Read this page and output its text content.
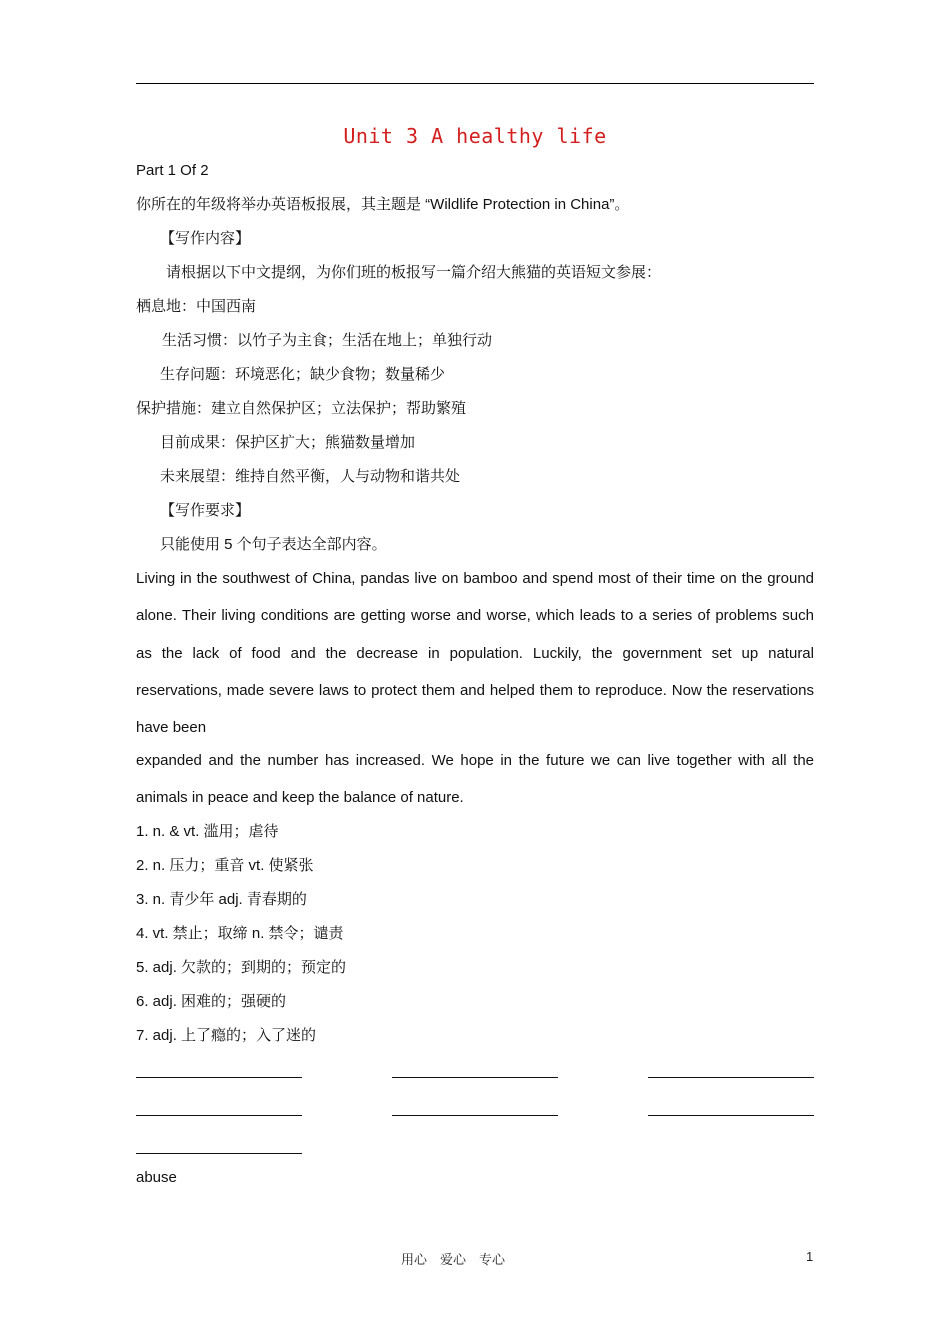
Unit 3 A healthy life
Part 1 Of 2
你所在的年级将举办英语板报展，其主题是 “Wildlife Protection in China”。
【写作内容】
请根据以下中文提纲，为你们班的板报写一篇介绍大熊猫的英语短文参展：
栖息地：中国西南
生活习惯：以竹子为主食；生活在地上；单独行动
生存问题：环境恶化；缺少食物；数量稀少
保护措施：建立自然保护区；立法保护；帮助繁殖
目前成果：保护区扩大；熊猫数量增加
未来展望：维持自然平衡，人与动物和谐共处
【写作要求】
只能使用 5 个句子表达全部内容。
Living in the southwest of China, pandas live on bamboo and spend most of their time on the ground alone. Their living conditions are getting worse and worse, which leads to a series of problems such as the lack of food and the decrease in population. Luckily, the government set up natural reservations, made severe laws to protect them and helped them to reproduce. Now the reservations have been
expanded and the number has increased. We hope in the future we can live together with all the animals in peace and keep the balance of nature.
1. n. & vt. 滥用；虐待
2. n. 压力；重音 vt. 使紧张
3. n. 青少年 adj. 青春期的
4. vt. 禁止；取缔 n. 禁令；谴责
5. adj. 欠款的；到期的；预定的
6. adj. 困难的；强硬的
7. adj. 上了瘾的；入了迷的
abuse
用心　爱心　专心	1
